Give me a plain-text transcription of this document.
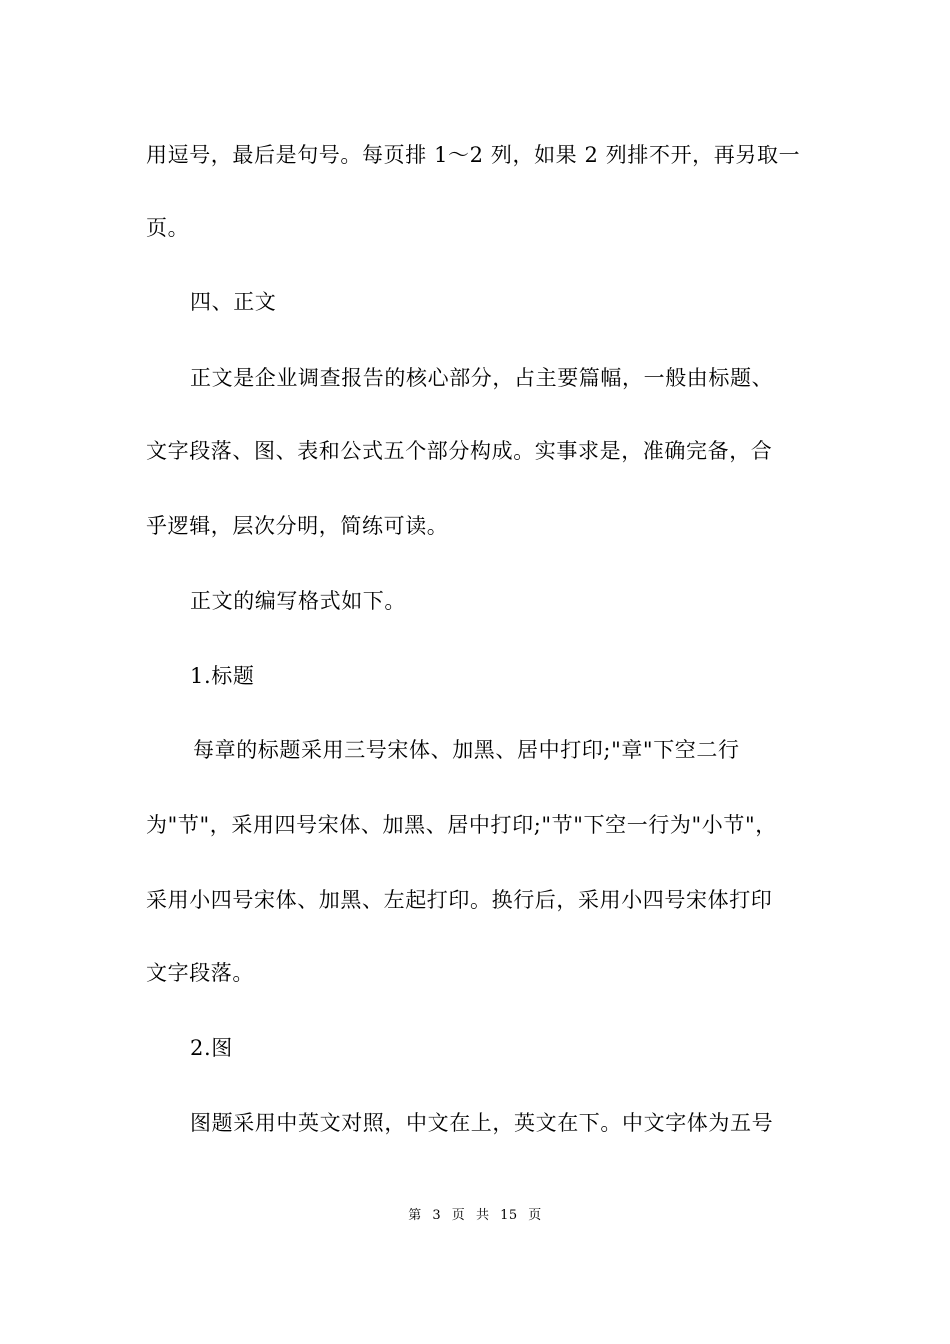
用逗号，最后是句号。每页排 1～2 列，如果 2 列排不开，再另取一
页。
四、正文
正文是企业调查报告的核心部分，占主要篇幅，一般由标题、
文字段落、图、表和公式五个部分构成。实事求是，准确完备，合
乎逻辑，层次分明，简练可读。
正文的编写格式如下。
1.标题
每章的标题采用三号宋体、加黑、居中打印;"章"下空二行
为"节"，采用四号宋体、加黑、居中打印;"节"下空一行为"小节"，
采用小四号宋体、加黑、左起打印。换行后，采用小四号宋体打印
文字段落。
2.图
图题采用中英文对照，中文在上，英文在下。中文字体为五号
第 3 页 共 15 页
